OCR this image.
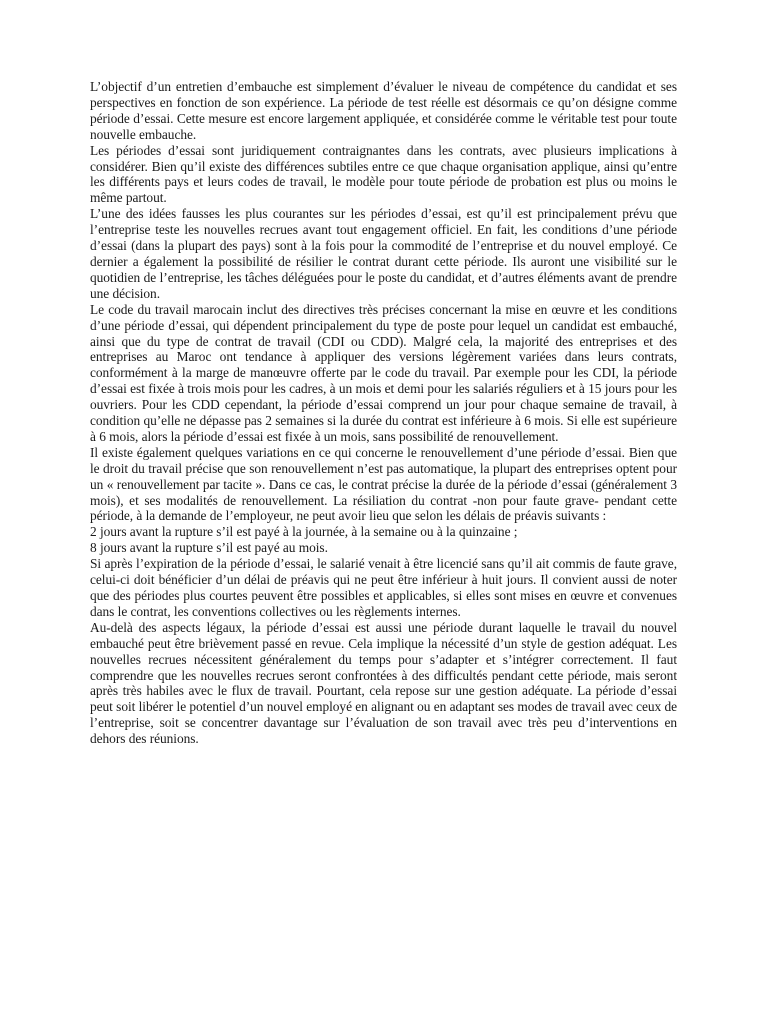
L’objectif d’un entretien d’embauche est simplement d’évaluer le niveau de compétence du candidat et ses perspectives en fonction de son expérience. La période de test réelle est désormais ce qu’on désigne comme période d’essai. Cette mesure est encore largement appliquée, et considérée comme le véritable test pour toute nouvelle embauche.

Les périodes d’essai sont juridiquement contraignantes dans les contrats, avec plusieurs implications à considérer. Bien qu’il existe des différences subtiles entre ce que chaque organisation applique, ainsi qu’entre les différents pays et leurs codes de travail, le modèle pour toute période de probation est plus ou moins le même partout.

L’une des idées fausses les plus courantes sur les périodes d’essai, est qu’il est principalement prévu que l’entreprise teste les nouvelles recrues avant tout engagement officiel. En fait, les conditions d’une période d’essai (dans la plupart des pays) sont à la fois pour la commodité de l’entreprise et du nouvel employé. Ce dernier a également la possibilité de résilier le contrat durant cette période. Ils auront une visibilité sur le quotidien de l’entreprise, les tâches déléguées pour le poste du candidat, et d’autres éléments avant de prendre une décision.

Le code du travail marocain inclut des directives très précises concernant la mise en œuvre et les conditions d’une période d’essai, qui dépendent principalement du type de poste pour lequel un candidat est embauché, ainsi que du type de contrat de travail (CDI ou CDD). Malgré cela, la majorité des entreprises et des entreprises au Maroc ont tendance à appliquer des versions légèrement variées dans leurs contrats, conformément à la marge de manœuvre offerte par le code du travail. Par exemple pour les CDI, la période d’essai est fixée à trois mois pour les cadres, à un mois et demi pour les salariés réguliers et à 15 jours pour les ouvriers. Pour les CDD cependant, la période d’essai comprend un jour pour chaque semaine de travail, à condition qu’elle ne dépasse pas 2 semaines si la durée du contrat est inférieure à 6 mois. Si elle est supérieure à 6 mois, alors la période d’essai est fixée à un mois, sans possibilité de renouvellement.

Il existe également quelques variations en ce qui concerne le renouvellement d’une période d’essai. Bien que le droit du travail précise que son renouvellement n’est pas automatique, la plupart des entreprises optent pour un « renouvellement par tacite ». Dans ce cas, le contrat précise la durée de la période d’essai (généralement 3 mois), et ses modalités de renouvellement. La résiliation du contrat -non pour faute grave- pendant cette période, à la demande de l’employeur, ne peut avoir lieu que selon les délais de préavis suivants :

2 jours avant la rupture s’il est payé à la journée, à la semaine ou à la quinzaine ;

8 jours avant la rupture s’il est payé au mois.

Si après l’expiration de la période d’essai, le salarié venait à être licencié sans qu’il ait commis de faute grave, celui-ci doit bénéficier d’un délai de préavis qui ne peut être inférieur à huit jours. Il convient aussi de noter que des périodes plus courtes peuvent être possibles et applicables, si elles sont mises en œuvre et convenues dans le contrat, les conventions collectives ou les règlements internes.

Au-delà des aspects légaux, la période d’essai est aussi une période durant laquelle le travail du nouvel embauché peut être brièvement passé en revue. Cela implique la nécessité d’un style de gestion adéquat. Les nouvelles recrues nécessitent généralement du temps pour s’adapter et s’intégrer correctement. Il faut comprendre que les nouvelles recrues seront confrontées à des difficultés pendant cette période, mais seront après très habiles avec le flux de travail. Pourtant, cela repose sur une gestion adéquate. La période d’essai peut soit libérer le potentiel d’un nouvel employé en alignant ou en adaptant ses modes de travail avec ceux de l’entreprise, soit se concentrer davantage sur l’évaluation de son travail avec très peu d’interventions en dehors des réunions.
